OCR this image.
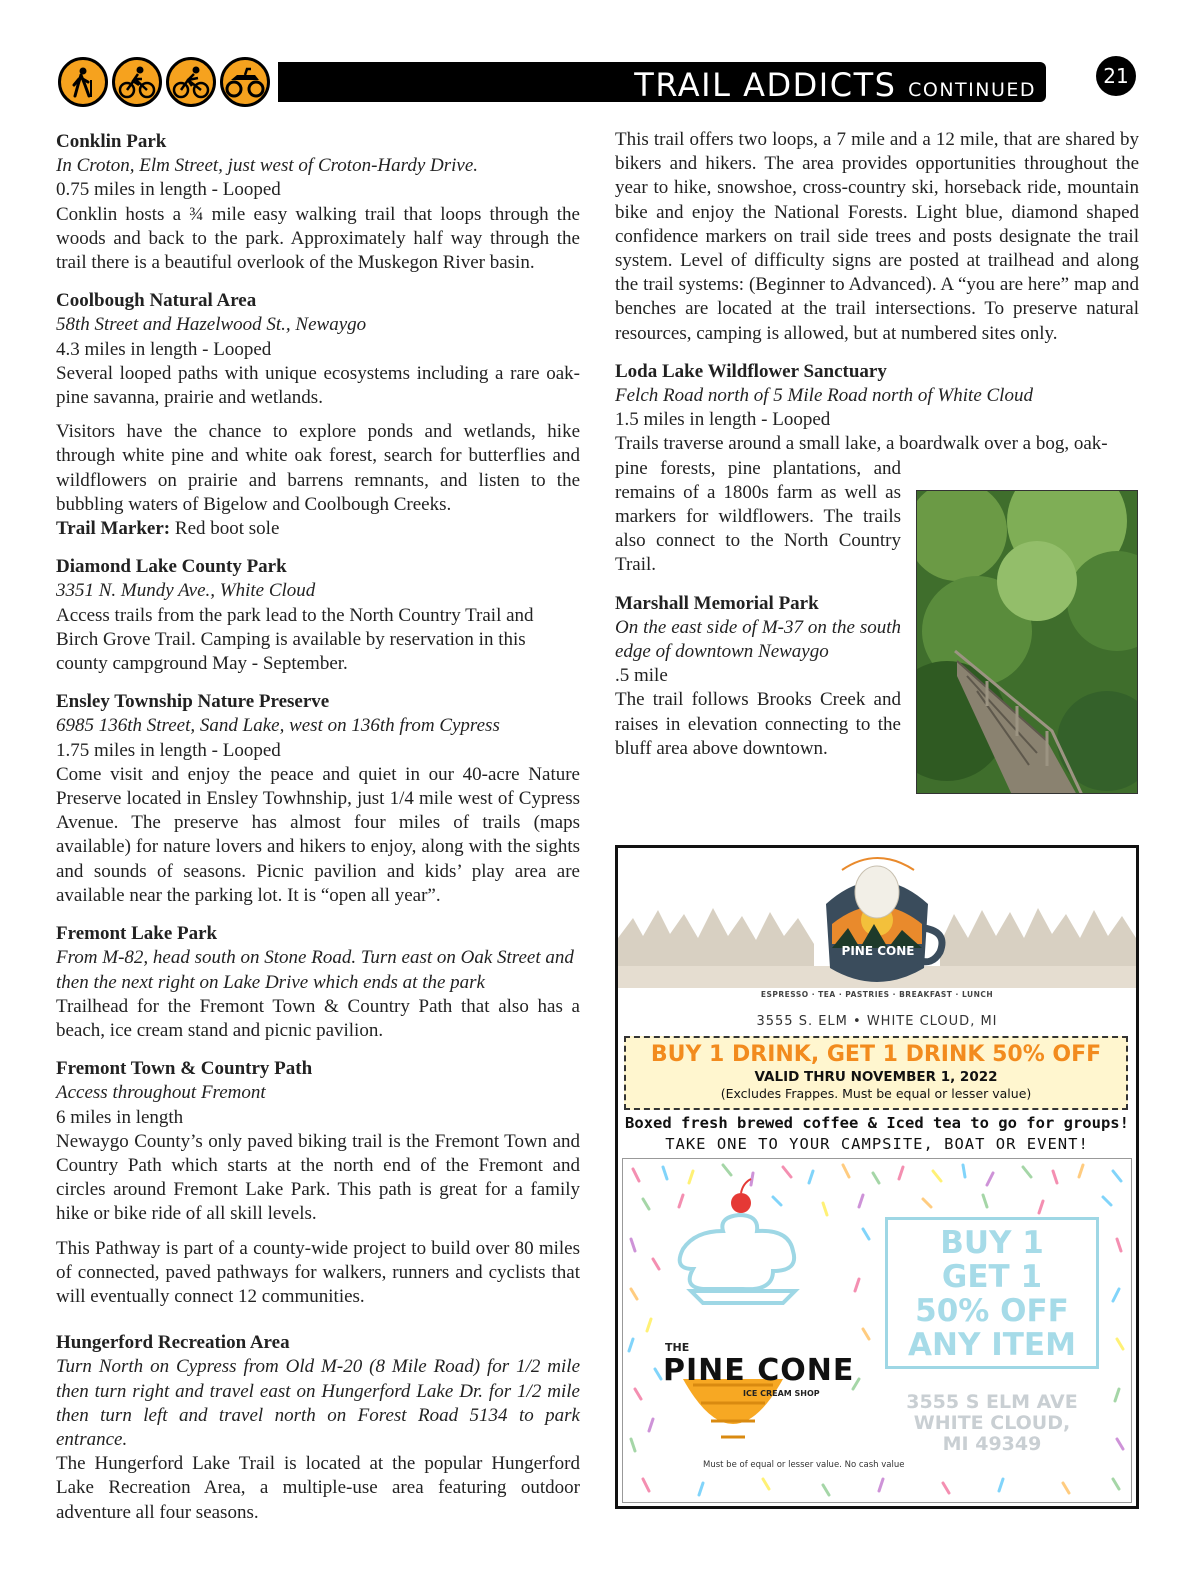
TRAIL ADDICTS CONTINUED
21
Conklin Park

In Croton, Elm Street, just west of Croton-Hardy Drive.

0.75 miles in length - Looped

Conklin hosts a ¾ mile easy walking trail that loops through the woods and back to the park. Approximately half way through the trail there is a beautiful overlook of the Muskegon River basin.

Coolbough Natural Area

58th Street and Hazelwood St., Newaygo

4.3 miles in length - Looped

Several looped paths with unique ecosystems including a rare oak-pine savanna, prairie and wetlands.

Visitors have the chance to explore ponds and wetlands, hike through white pine and white oak forest, search for butterflies and wildflowers on prairie and barrens remnants, and listen to the bubbling waters of Bigelow and Coolbough Creeks.

Trail Marker: Red boot sole

Diamond Lake County Park

3351 N. Mundy Ave., White Cloud

Access trails from the park lead to the North Country Trail and Birch Grove Trail. Camping is available by reservation in this county campground May - September.

Ensley Township Nature Preserve

6985 136th Street, Sand Lake, west on 136th from Cypress

1.75 miles in length - Looped

Come visit and enjoy the peace and quiet in our 40-acre Nature Preserve located in Ensley Towhnship, just 1/4 mile west of Cypress Avenue. The preserve has almost four miles of trails (maps available) for nature lovers and hikers to enjoy, along with the sights and sounds of seasons. Picnic pavilion and kids’ play area are available near the parking lot. It is “open all year”.

Fremont Lake Park

From M-82, head south on Stone Road. Turn east on Oak Street and then the next right on Lake Drive which ends at the park

Trailhead for the Fremont Town & Country Path that also has a beach, ice cream stand and picnic pavilion.

Fremont Town & Country Path

Access throughout Fremont

6 miles in length

Newaygo County’s only paved biking trail is the Fremont Town and Country Path which starts at the north end of the Fremont and circles around Fremont Lake Park. This path is great for a family hike or bike ride of all skill levels.

This Pathway is part of a county-wide project to build over 80 miles of connected, paved pathways for walkers, runners and cyclists that will eventually connect 12 communities.

Hungerford Recreation Area

Turn North on Cypress from Old M-20 (8 Mile Road) for 1/2 mile then turn right and travel east on Hungerford Lake Dr. for 1/2 mile then turn left and travel north on Forest Road 5134 to park entrance.

The Hungerford Lake Trail is located at the popular Hungerford Lake Recreation Area, a multiple-use area featuring outdoor adventure all four seasons.

This trail offers two loops, a 7 mile and a 12 mile, that are shared by bikers and hikers. The area provides opportunities throughout the year to hike, snowshoe, cross-country ski, horseback ride, mountain bike and enjoy the National Forests. Light blue, diamond shaped confidence markers on trail side trees and posts designate the trail system. Level of difficulty signs are posted at trailhead and along the trail systems: (Beginner to Advanced). A “you are here” map and benches are located at the trail intersections. To preserve natural resources, camping is allowed, but at numbered sites only.

Loda Lake Wildflower Sanctuary

Felch Road north of 5 Mile Road north of White Cloud

1.5 miles in length - Looped

Trails traverse around a small lake, a boardwalk over a bog, oak-

pine forests, pine plantations, and remains of a 1800s farm as well as markers for wildflowers. The trails also connect to the North Country Trail.

Marshall Memorial Park

On the east side of M-37 on the south edge of downtown Newaygo

.5 mile

The trail follows Brooks Creek and raises in elevation connecting to the bluff area above downtown.

PINE CONE
ESPRESSO · TEA · PASTRIES · BREAKFAST · LUNCH
3555 S. ELM • WHITE CLOUD, MI
BUY 1 DRINK, GET 1 DRINK 50% OFF
VALID THRU NOVEMBER 1, 2022
(Excludes Frappes. Must be equal or lesser value)
Boxed fresh brewed coffee & Iced tea to go for groups!
TAKE ONE TO YOUR CAMPSITE, BOAT OR EVENT!
THE
PINE CONE
ICE CREAM SHOP
BUY 1
GET 1
50% OFF
ANY ITEM
3555 S ELM AVE
WHITE CLOUD,
MI 49349
Must be of equal or lesser value. No cash value
